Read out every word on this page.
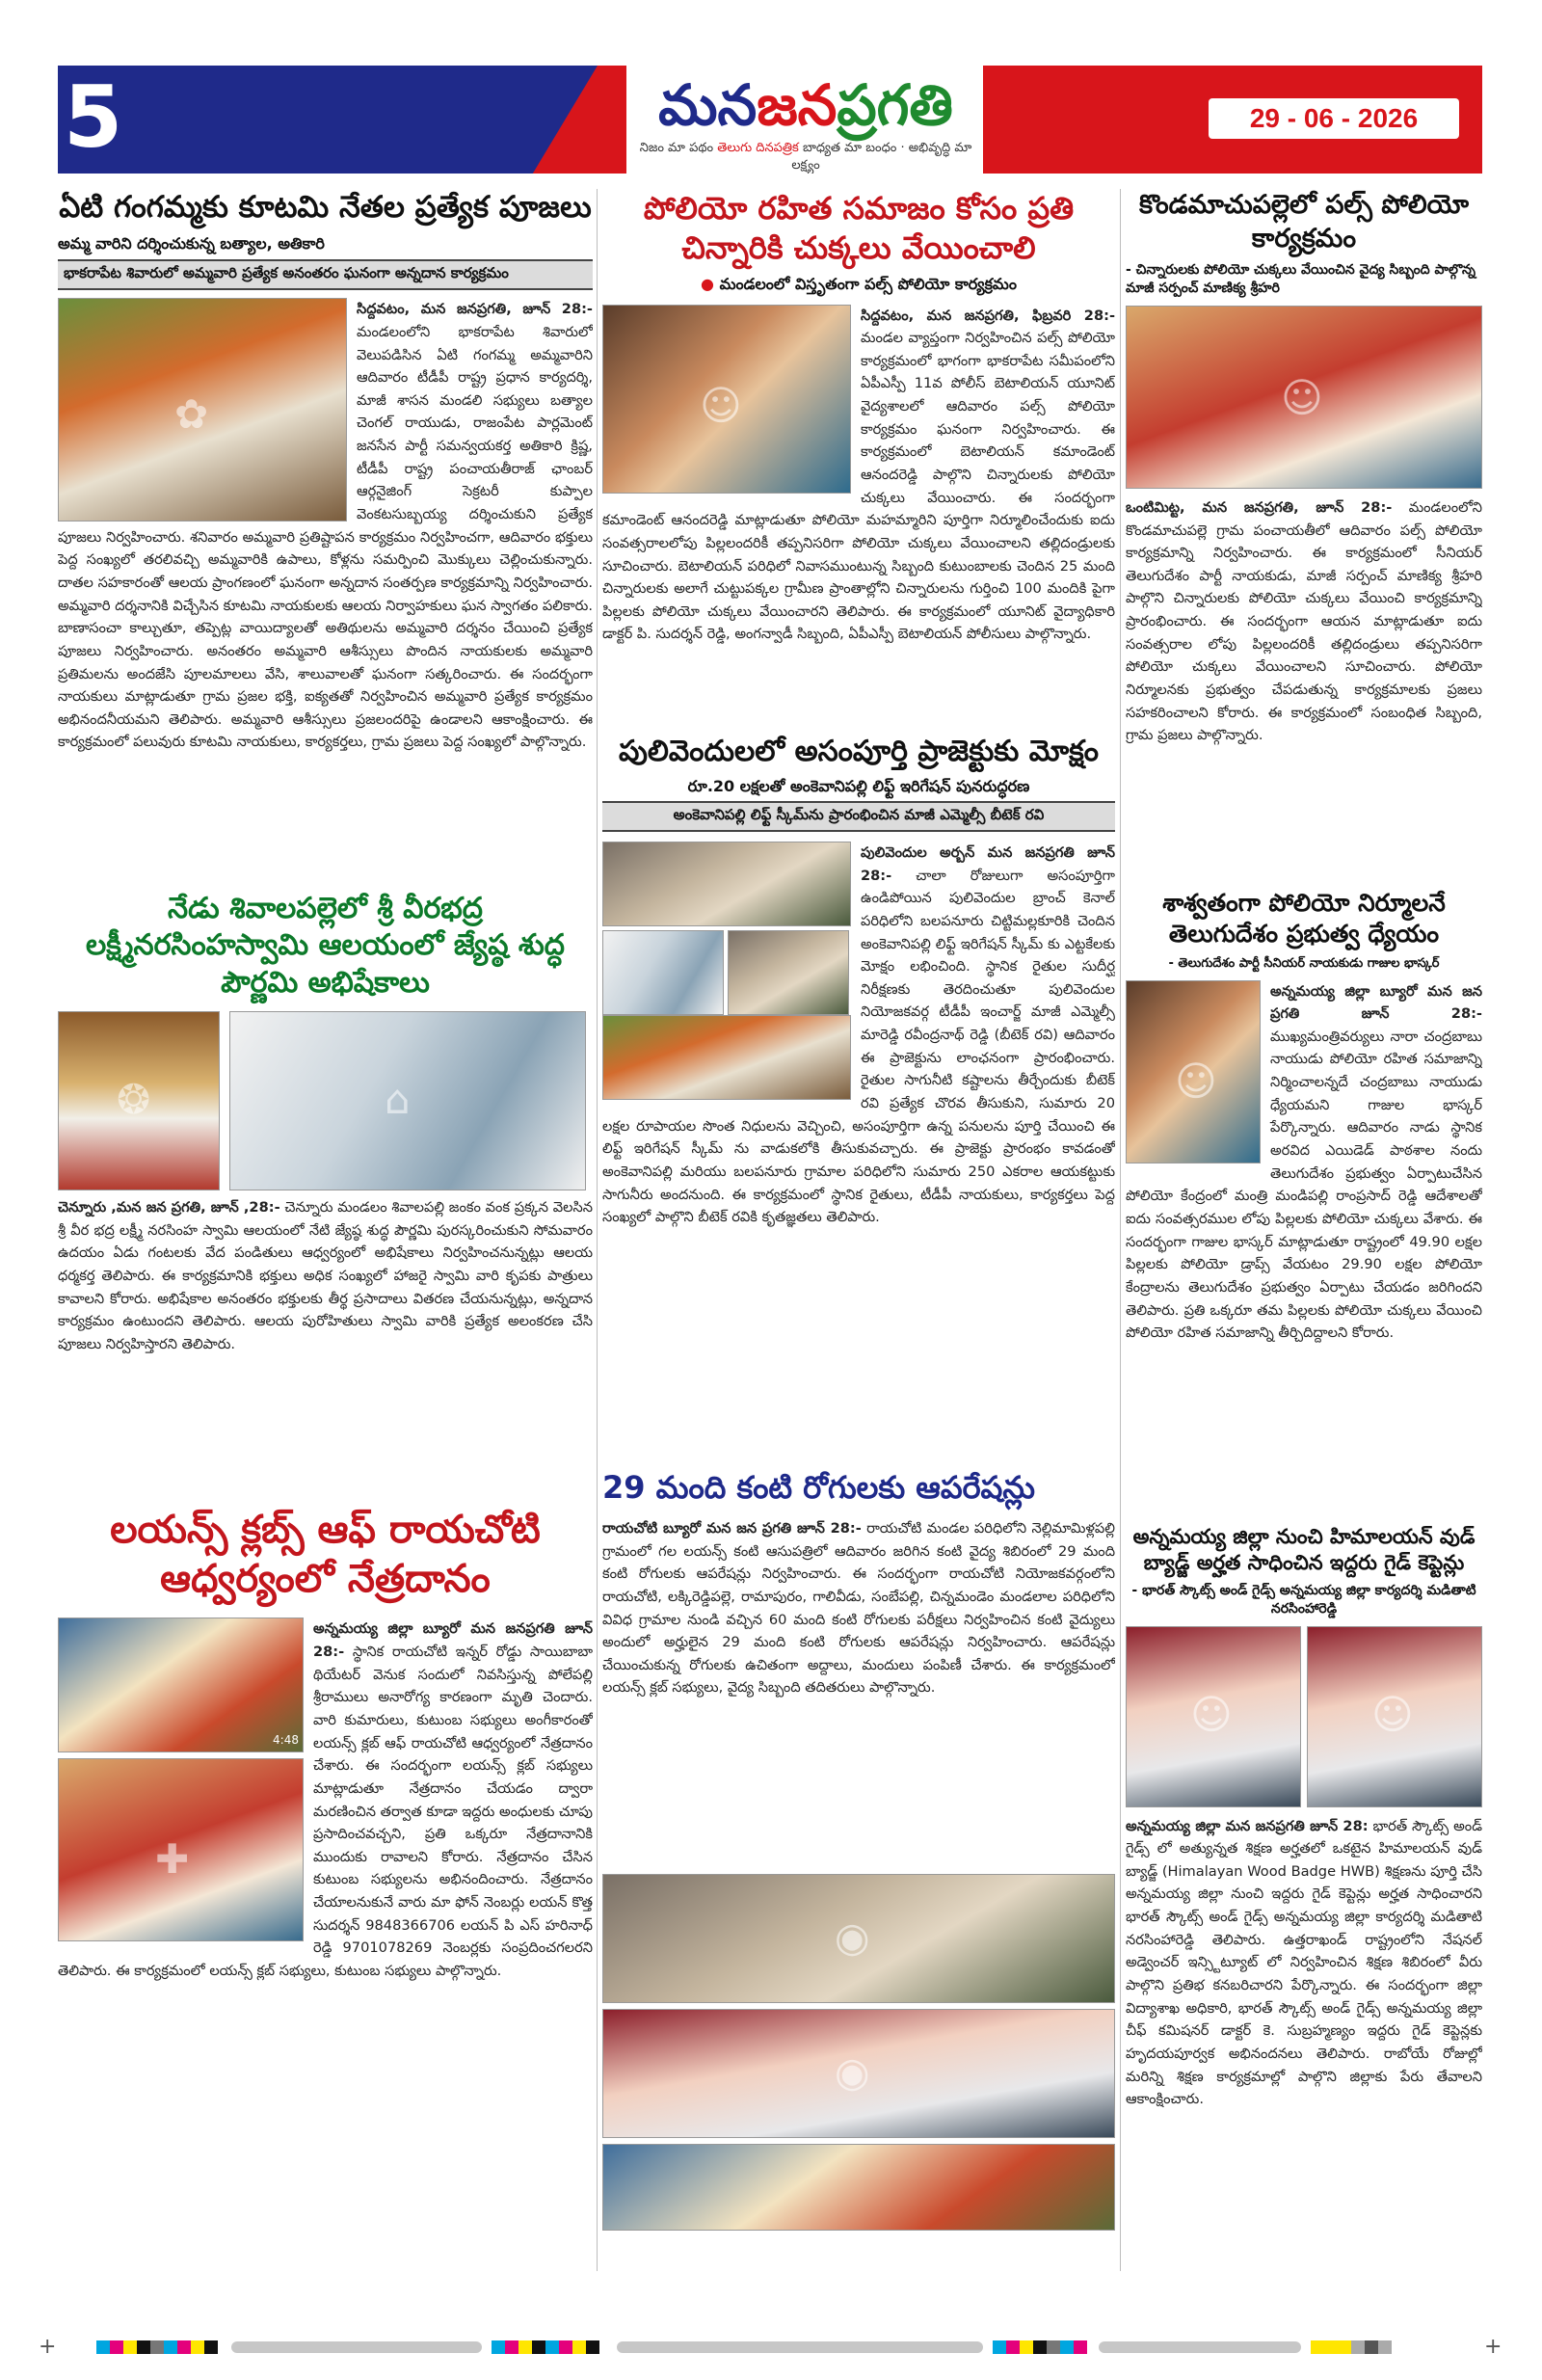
5	మనజనప్రగతి
నిజం మా పథం తెలుగు దినపత్రిక బాధ్యత మా బంధం · అభివృద్ధి మా లక్ష్యం
29 - 06 - 2026
ఏటి గంగమ్మకు కూటమి నేతల ప్రత్యేక పూజలు
అమ్మ వారిని దర్శించుకున్న బత్యాల, అతికారి
భాకరాపేట శివారులో అమ్మవారి ప్రత్యేక అనంతరం ఘనంగా అన్నదాన కార్యక్రమం
✿
సిద్దవటం, మన జనప్రగతి, జూన్ 28:- మండలంలోని భాకరాపేట శివారులో వెలుపడిసిన ఏటి గంగమ్మ అమ్మవారిని ఆదివారం టీడీపీ రాష్ట్ర ప్రధాన కార్యదర్శి, మాజీ శాసన మండలి సభ్యులు బత్యాల చెంగల్ రాయుడు, రాజంపేట పార్లమెంట్ జనసేన పార్టీ సమన్వయకర్త అతికారి క్రిష్ణ, టీడీపీ రాష్ట్ర పంచాయతీరాజ్ ఛాంబర్ ఆర్గనైజింగ్ సెక్రటరీ కుప్పాల వెంకటసుబ్బయ్య దర్శించుకుని ప్రత్యేక పూజలు నిర్వహించారు. శనివారం అమ్మవారి ప్రతిష్టాపన కార్యక్రమం నిర్వహించగా, ఆదివారం భక్తులు పెద్ద సంఖ్యలో తరలివచ్చి అమ్మవారికి ఉపాలు, కోళ్లను సమర్పించి మొక్కులు చెల్లించుకున్నారు. దాతల సహకారంతో ఆలయ ప్రాంగణంలో ఘనంగా అన్నదాన సంతర్పణ కార్యక్రమాన్ని నిర్వహించారు. అమ్మవారి దర్శనానికి విచ్చేసిన కూటమి నాయకులకు ఆలయ నిర్వాహకులు ఘన స్వాగతం పలికారు. బాణాసంచా కాల్చుతూ, తప్పెట్ల వాయిద్యాలతో అతిథులను అమ్మవారి దర్శనం చేయించి ప్రత్యేక పూజలు నిర్వహించారు. అనంతరం అమ్మవారి ఆశీస్సులు పొందిన నాయకులకు అమ్మవారి ప్రతిమలను అందజేసి పూలమాలలు వేసి, శాలువాలతో ఘనంగా సత్కరించారు. ఈ సందర్భంగా నాయకులు మాట్లాడుతూ గ్రామ ప్రజల భక్తి, ఐక్యతతో నిర్వహించిన అమ్మవారి ప్రత్యేక కార్యక్రమం అభినందనీయమని తెలిపారు. అమ్మవారి ఆశీస్సులు ప్రజలందరిపై ఉండాలని ఆకాంక్షించారు. ఈ కార్యక్రమంలో పలువురు కూటమి నాయకులు, కార్యకర్తలు, గ్రామ ప్రజలు పెద్ద సంఖ్యలో పాల్గొన్నారు.
నేడు శివాలపల్లెలో శ్రీ వీరభద్ర లక్ష్మీనరసింహస్వామి ఆలయంలో జ్యేష్ఠ శుద్ధ పౌర్ణమి అభిషేకాలు
❂	⌂
చెన్నూరు ,మన జన ప్రగతి, జూన్ ,28:- చెన్నూరు మండలం శివాలపల్లి జంకం వంక ప్రక్కన వెలసిన శ్రీ వీర భద్ర లక్ష్మీ నరసింహ స్వామి ఆలయంలో నేటి జ్యేష్ఠ శుద్ధ పౌర్ణమి పురస్కరించుకుని సోమవారం ఉదయం ఏడు గంటలకు వేద పండితులు ఆధ్వర్యంలో అభిషేకాలు నిర్వహించనున్నట్లు ఆలయ ధర్మకర్త తెలిపారు. ఈ కార్యక్రమానికి భక్తులు అధిక సంఖ్యలో హాజరై స్వామి వారి కృపకు పాత్రులు కావాలని కోరారు. అభిషేకాల అనంతరం భక్తులకు తీర్థ ప్రసాదాలు వితరణ చేయనున్నట్లు, అన్నదాన కార్యక్రమం ఉంటుందని తెలిపారు. ఆలయ పురోహితులు స్వామి వారికి ప్రత్యేక అలంకరణ చేసి పూజలు నిర్వహిస్తారని తెలిపారు.
లయన్స్ క్లబ్స్ ఆఫ్ రాయచోటి ఆధ్వర్యంలో నేత్రదానం
4:48
✚
అన్నమయ్య జిల్లా బ్యూరో మన జనప్రగతి జూన్ 28:- స్థానిక రాయచోటి ఇన్నర్ రోడ్డు సాయిబాబా థియేటర్ వెనుక సందులో నివసిస్తున్న పోలేపల్లి శ్రీరాములు అనారోగ్య కారణంగా మృతి చెందారు. వారి కుమారులు, కుటుంబ సభ్యులు అంగీకారంతో లయన్స్ క్లబ్ ఆఫ్ రాయచోటి ఆధ్వర్యంలో నేత్రదానం చేశారు. ఈ సందర్భంగా లయన్స్ క్లబ్ సభ్యులు మాట్లాడుతూ నేత్రదానం చేయడం ద్వారా మరణించిన తర్వాత కూడా ఇద్దరు అంధులకు చూపు ప్రసాదించవచ్చని, ప్రతి ఒక్కరూ నేత్రదానానికి ముందుకు రావాలని కోరారు. నేత్రదానం చేసిన కుటుంబ సభ్యులను అభినందించారు. నేత్రదానం చేయాలనుకునే వారు మా ఫోన్ నెంబర్లు లయన్ కొత్త సుదర్శన్ 9848366706 లయన్ పి ఎస్ హరినాధ్ రెడ్డి 9701078269 నెంబర్లకు సంప్రదించగలరని తెలిపారు. ఈ కార్యక్రమంలో లయన్స్ క్లబ్ సభ్యులు, కుటుంబ సభ్యులు పాల్గొన్నారు.
పోలియో రహిత సమాజం కోసం ప్రతి చిన్నారికి చుక్కలు వేయించాలి
● మండలంలో విస్తృతంగా పల్స్ పోలియో కార్యక్రమం
☺
సిద్దవటం, మన జనప్రగతి, ఫిబ్రవరి 28:- మండల వ్యాప్తంగా నిర్వహించిన పల్స్ పోలియో కార్యక్రమంలో భాగంగా భాకరాపేట సమీపంలోని ఏపీఎస్పీ 11వ పోలీస్ బెటాలియన్ యూనిట్ వైద్యశాలలో ఆదివారం పల్స్ పోలియో కార్యక్రమం ఘనంగా నిర్వహించారు. ఈ కార్యక్రమంలో బెటాలియన్ కమాండెంట్ ఆనందరెడ్డి పాల్గొని చిన్నారులకు పోలియో చుక్కలు వేయించారు. ఈ సందర్భంగా కమాండెంట్ ఆనందరెడ్డి మాట్లాడుతూ పోలియో మహమ్మారిని పూర్తిగా నిర్మూలించేందుకు ఐదు సంవత్సరాలలోపు పిల్లలందరికీ తప్పనిసరిగా పోలియో చుక్కలు వేయించాలని తల్లిదండ్రులకు సూచించారు. బెటాలియన్ పరిధిలో నివాసముంటున్న సిబ్బంది కుటుంబాలకు చెందిన 25 మంది చిన్నారులకు అలాగే చుట్టుపక్కల గ్రామీణ ప్రాంతాల్లోని చిన్నారులను గుర్తించి 100 మందికి పైగా పిల్లలకు పోలియో చుక్కలు వేయించారని తెలిపారు. ఈ కార్యక్రమంలో యూనిట్ వైద్యాధికారి డాక్టర్ పి. సుదర్శన్ రెడ్డి, అంగన్వాడీ సిబ్బంది, ఏపీఎస్పీ బెటాలియన్ పోలీసులు పాల్గొన్నారు.
పులివెందులలో అసంపూర్తి ప్రాజెక్టుకు మోక్షం
రూ.20 లక్షలతో అంకెవానిపల్లి లిఫ్ట్ ఇరిగేషన్ పునరుద్ధరణ
అంకెవానిపల్లి లిఫ్ట్ స్కీమ్‌ను ప్రారంభించిన మాజీ ఎమ్మెల్సీ బీటెక్ రవి
పులివెందుల అర్బన్ మన జనప్రగతి జూన్ 28:- చాలా రోజులుగా అసంపూర్తిగా ఉండిపోయిన పులివెందుల బ్రాంచ్ కెనాల్ పరిధిలోని బలపనూరు చిట్టిమల్లకూరికి చెందిన అంకెవానిపల్లి లిఫ్ట్ ఇరిగేషన్ స్కీమ్ కు ఎట్టకేలకు మోక్షం లభించింది. స్థానిక రైతుల సుదీర్ఘ నిరీక్షణకు తెరదించుతూ పులివెందుల నియోజకవర్గ టీడీపీ ఇంచార్జ్ మాజీ ఎమ్మెల్సీ మారెడ్డి రవీంద్రనాథ్ రెడ్డి (బీటెక్ రవి) ఆదివారం ఈ ప్రాజెక్టును లాంఛనంగా ప్రారంభించారు. రైతుల సాగునీటి కష్టాలను తీర్చేందుకు బీటెక్ రవి ప్రత్యేక చొరవ తీసుకుని, సుమారు 20 లక్షల రూపాయల సొంత నిధులను వెచ్చించి, అసంపూర్తిగా ఉన్న పనులను పూర్తి చేయించి ఈ లిఫ్ట్ ఇరిగేషన్ స్కీమ్ ను వాడుకలోకి తీసుకువచ్చారు. ఈ ప్రాజెక్టు ప్రారంభం కావడంతో అంకెవానిపల్లి మరియు బలపనూరు గ్రామాల పరిధిలోని సుమారు 250 ఎకరాల ఆయకట్టుకు సాగునీరు అందనుంది. ఈ కార్యక్రమంలో స్థానిక రైతులు, టీడీపీ నాయకులు, కార్యకర్తలు పెద్ద సంఖ్యలో పాల్గొని బీటెక్ రవికి కృతజ్ఞతలు తెలిపారు.
29 మంది కంటి రోగులకు ఆపరేషన్లు
రాయచోటి బ్యూరో మన జన ప్రగతి జూన్ 28:- రాయచోటి మండల పరిధిలోని నెల్లిమామిళ్లపల్లి గ్రామంలో గల లయన్స్ కంటి ఆసుపత్రిలో ఆదివారం జరిగిన కంటి వైద్య శిబిరంలో 29 మంది కంటి రోగులకు ఆపరేషన్లు నిర్వహించారు. ఈ సందర్భంగా రాయచోటి నియోజకవర్గంలోని రాయచోటి, లక్కిరెడ్డిపల్లె, రామాపురం, గాలివీడు, సంబేపల్లి, చిన్నమండెం మండలాల పరిధిలోని వివిధ గ్రామాల నుండి వచ్చిన 60 మంది కంటి రోగులకు పరీక్షలు నిర్వహించిన కంటి వైద్యులు అందులో అర్హులైన 29 మంది కంటి రోగులకు ఆపరేషన్లు నిర్వహించారు. ఆపరేషన్లు చేయించుకున్న రోగులకు ఉచితంగా అద్దాలు, మందులు పంపిణీ చేశారు. ఈ కార్యక్రమంలో లయన్స్ క్లబ్ సభ్యులు, వైద్య సిబ్బంది తదితరులు పాల్గొన్నారు.
◉
◉
కొండమాచుపల్లెలో పల్స్ పోలియో కార్యక్రమం
- చిన్నారులకు పోలియో చుక్కలు వేయించిన వైద్య సిబ్బంది పాల్గొన్న మాజీ సర్పంచ్ మాణిక్య శ్రీహరి
☺
ఒంటిమిట్ట, మన జనప్రగతి, జూన్ 28:- మండలంలోని కొండమాచుపల్లె గ్రామ పంచాయతీలో ఆదివారం పల్స్ పోలియో కార్యక్రమాన్ని నిర్వహించారు. ఈ కార్యక్రమంలో సీనియర్ తెలుగుదేశం పార్టీ నాయకుడు, మాజీ సర్పంచ్ మాణిక్య శ్రీహరి పాల్గొని చిన్నారులకు పోలియో చుక్కలు వేయించి కార్యక్రమాన్ని ప్రారంభించారు. ఈ సందర్భంగా ఆయన మాట్లాడుతూ ఐదు సంవత్సరాల లోపు పిల్లలందరికీ తల్లిదండ్రులు తప్పనిసరిగా పోలియో చుక్కలు వేయించాలని సూచించారు. పోలియో నిర్మూలనకు ప్రభుత్వం చేపడుతున్న కార్యక్రమాలకు ప్రజలు సహకరించాలని కోరారు. ఈ కార్యక్రమంలో సంబంధిత సిబ్బంది, గ్రామ ప్రజలు పాల్గొన్నారు.
శాశ్వతంగా పోలియో నిర్మూలనే తెలుగుదేశం ప్రభుత్వ ధ్యేయం
- తెలుగుదేశం పార్టీ సీనియర్ నాయకుడు గాజుల భాస్కర్
☺
అన్నమయ్య జిల్లా బ్యూరో మన జన ప్రగతి జూన్ 28:- ముఖ్యమంత్రివర్యులు నారా చంద్రబాబు నాయుడు పోలియో రహిత సమాజాన్ని నిర్మించాలన్నదే చంద్రబాబు నాయుడు ధ్యేయమని గాజుల భాస్కర్ పేర్కొన్నారు. ఆదివారం నాడు స్థానిక అరవిద ఎయిడెడ్ పాఠశాల నందు తెలుగుదేశం ప్రభుత్వం ఏర్పాటుచేసిన పోలియో కేంద్రంలో మంత్రి మండిపల్లి రాంప్రసాద్ రెడ్డి ఆదేశాలతో ఐదు సంవత్సరముల లోపు పిల్లలకు పోలియో చుక్కలు వేశారు. ఈ సందర్భంగా గాజుల భాస్కర్ మాట్లాడుతూ రాష్ట్రంలో 49.90 లక్షల పిల్లలకు పోలియో డ్రాప్స్ వేయటం 29.90 లక్షల పోలియో కేంద్రాలను తెలుగుదేశం ప్రభుత్వం ఏర్పాటు చేయడం జరిగిందని తెలిపారు. ప్రతి ఒక్కరూ తమ పిల్లలకు పోలియో చుక్కలు వేయించి పోలియో రహిత సమాజాన్ని తీర్చిదిద్దాలని కోరారు.
అన్నమయ్య జిల్లా నుంచి హిమాలయన్ వుడ్ బ్యాడ్జ్ అర్హత సాధించిన ఇద్దరు గైడ్ కెప్టెన్లు
- భారత్ స్కౌట్స్ అండ్ గైడ్స్ అన్నమయ్య జిల్లా కార్యదర్శి మడితాటి నరసింహారెడ్డి
☺	☺
అన్నమయ్య జిల్లా మన జనప్రగతి జూన్ 28: భారత్ స్కౌట్స్ అండ్ గైడ్స్ లో అత్యున్నత శిక్షణ అర్హతలో ఒకటైన హిమాలయన్ వుడ్ బ్యాడ్జ్ (Himalayan Wood Badge HWB) శిక్షణను పూర్తి చేసి అన్నమయ్య జిల్లా నుంచి ఇద్దరు గైడ్ కెప్టెన్లు అర్హత సాధించారని భారత్ స్కౌట్స్ అండ్ గైడ్స్ అన్నమయ్య జిల్లా కార్యదర్శి మడితాటి నరసింహారెడ్డి తెలిపారు. ఉత్తరాఖండ్ రాష్ట్రంలోని నేషనల్ అడ్వెంచర్ ఇన్స్టిట్యూట్ లో నిర్వహించిన శిక్షణ శిబిరంలో వీరు పాల్గొని ప్రతిభ కనబరిచారని పేర్కొన్నారు. ఈ సందర్భంగా జిల్లా విద్యాశాఖ అధికారి, భారత్ స్కౌట్స్ అండ్ గైడ్స్ అన్నమయ్య జిల్లా చీఫ్ కమిషనర్ డాక్టర్ కె. సుబ్రహ్మణ్యం ఇద్దరు గైడ్ కెప్టెన్లకు హృదయపూర్వక అభినందనలు తెలిపారు. రాబోయే రోజుల్లో మరిన్ని శిక్షణ కార్యక్రమాల్లో పాల్గొని జిల్లాకు పేరు తేవాలని ఆకాంక్షించారు.
+	+
